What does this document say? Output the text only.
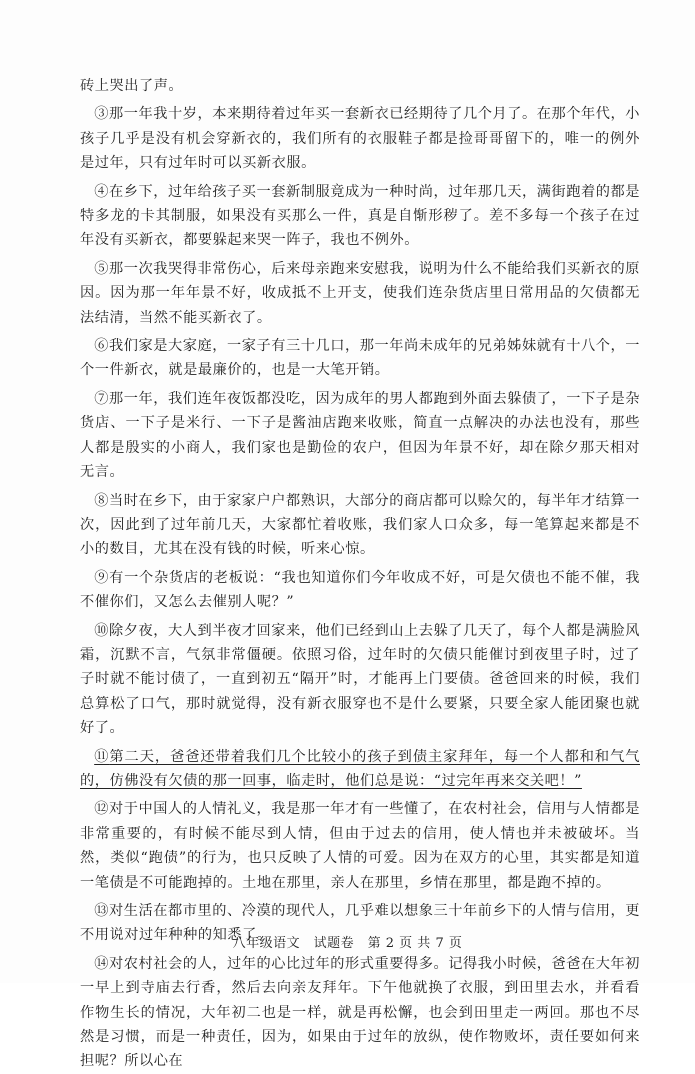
砖上哭出了声。

③那一年我十岁，本来期待着过年买一套新衣已经期待了几个月了。在那个年代，小孩子几乎是没有机会穿新衣的，我们所有的衣服鞋子都是捡哥哥留下的，唯一的例外是过年，只有过年时可以买新衣服。

④在乡下，过年给孩子买一套新制服竟成为一种时尚，过年那几天，满街跑着的都是特多龙的卡其制服，如果没有买那么一件，真是自惭形秽了。差不多每一个孩子在过年没有买新衣，都要躲起来哭一阵子，我也不例外。

⑤那一次我哭得非常伤心，后来母亲跑来安慰我，说明为什么不能给我们买新衣的原因。因为那一年年景不好，收成抵不上开支，使我们连杂货店里日常用品的欠债都无法结清，当然不能买新衣了。

⑥我们家是大家庭，一家子有三十几口，那一年尚未成年的兄弟姊妹就有十八个，一个一件新衣，就是最廉价的，也是一大笔开销。

⑦那一年，我们连年夜饭都没吃，因为成年的男人都跑到外面去躲债了，一下子是杂货店、一下子是米行、一下子是酱油店跑来收账，简直一点解决的办法也没有，那些人都是殷实的小商人，我们家也是勤俭的农户，但因为年景不好，却在除夕那天相对无言。

⑧当时在乡下，由于家家户户都熟识，大部分的商店都可以赊欠的，每半年才结算一次，因此到了过年前几天，大家都忙着收账，我们家人口众多，每一笔算起来都是不小的数目，尤其在没有钱的时候，听来心惊。

⑨有一个杂货店的老板说：“我也知道你们今年收成不好，可是欠债也不能不催，我不催你们，又怎么去催别人呢？”

⑩除夕夜，大人到半夜才回家来，他们已经到山上去躲了几天了，每个人都是满脸风霜，沉默不言，气氛非常僵硬。依照习俗，过年时的欠债只能催讨到夜里子时，过了子时就不能讨债了，一直到初五“隔开”时，才能再上门要债。爸爸回来的时候，我们总算松了口气，那时就觉得，没有新衣服穿也不是什么要紧，只要全家人能团聚也就好了。

⑪第二天，爸爸还带着我们几个比较小的孩子到债主家拜年，每一个人都和和气气的，仿佛没有欠债的那一回事，临走时，他们总是说：“过完年再来交关吧！”

⑫对于中国人的人情礼义，我是那一年才有一些懂了，在农村社会，信用与人情都是非常重要的，有时候不能尽到人情，但由于过去的信用，使人情也并未被破坏。当然，类似“跑债”的行为，也只反映了人情的可爱。因为在双方的心里，其实都是知道一笔债是不可能跑掉的。土地在那里，亲人在那里，乡情在那里，都是跑不掉的。

⑬对生活在都市里的、冷漠的现代人，几乎难以想象三十年前乡下的人情与信用，更不用说对过年种种的知悉了。

⑭对农村社会的人，过年的心比过年的形式重要得多。记得我小时候，爸爸在大年初一早上到寺庙去行香，然后去向亲友拜年。下午他就换了衣服，到田里去水，并看看作物生长的情况，大年初二也是一样，就是再松懈，也会到田里走一两回。那也不尽然是习惯，而是一种责任，因为，如果由于过年的放纵，使作物败坏，责任要如何来担呢？所以心在

八年级语文　试题卷　第 2 页 共 7 页
